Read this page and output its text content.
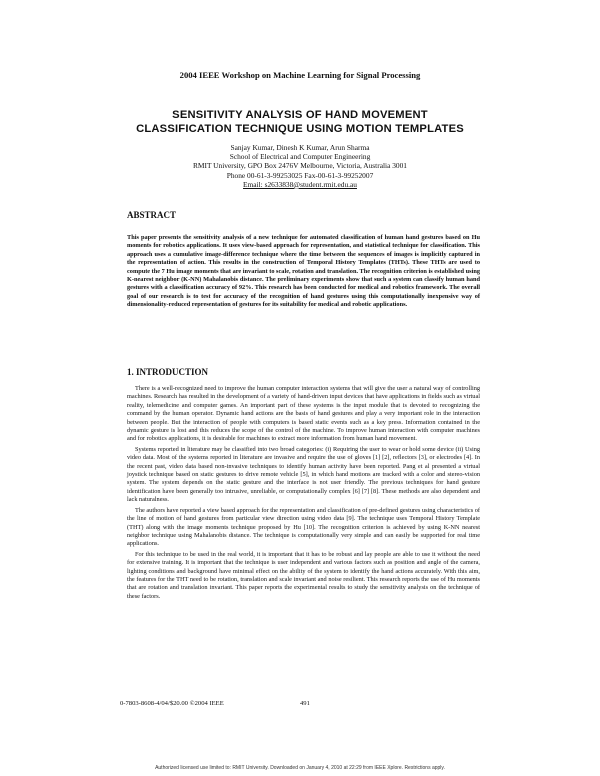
2004 IEEE Workshop on Machine Learning for Signal Processing
SENSITIVITY ANALYSIS OF HAND MOVEMENT
CLASSIFICATION TECHNIQUE USING MOTION TEMPLATES
Sanjay Kumar, Dinesh K Kumar, Arun Sharma
School of Electrical and Computer Engineering
RMIT University, GPO Box 2476V Melbourne, Victoria, Australia 3001
Phone 00-61-3-99253025 Fax-00-61-3-99252007
Email: s2633838@student.rmit.edu.au
ABSTRACT
This paper presents the sensitivity analysis of a new technique for automated classification of human hand gestures based on Hu moments for robotics applications. It uses view-based approach for representation, and statistical technique for classification. This approach uses a cumulative image-difference technique where the time between the sequences of images is implicitly captured in the representation of action. This results in the construction of Temporal History Templates (THTs). These THTs are used to compute the 7 Hu image moments that are invariant to scale, rotation and translation. The recognition criterion is established using K-nearest neighbor (K-NN) Mahalanobis distance. The preliminary experiments show that such a system can classify human hand gestures with a classification accuracy of 92%. This research has been conducted for medical and robotics framework. The overall goal of our research is to test for accuracy of the recognition of hand gestures using this computationally inexpensive way of dimensionality-reduced representation of gestures for its suitability for medical and robotic applications.
1. INTRODUCTION

There is a well-recognized need to improve the human computer interaction systems that will give the user a natural way of controlling machines. Research has resulted in the development of a variety of hand-driven input devices that have applications in fields such as virtual reality, telemedicine and computer games. An important part of these systems is the input module that is devoted to recognizing the command by the human operator. Dynamic hand actions are the basis of hand gestures and play a very important role in the interaction between people. But the interaction of people with computers is based static events such as a key press. Information contained in the dynamic gesture is lost and this reduces the scope of the control of the machine. To improve human interaction with computer machines and for robotics applications, it is desirable for machines to extract more information from human hand movement.

Systems reported in literature may be classified into two broad categories: (i) Requiring the user to wear or hold some device (ii) Using video data. Most of the systems reported in literature are invasive and require the use of gloves [1] [2], reflectors [3], or electrodes [4]. In the recent past, video data based non-invasive techniques to identify human activity have been reported. Pang et al presented a virtual joystick technique based on static gestures to drive remote vehicle [5], in which hand motions are tracked with a color and stereo-vision system. The system depends on the static gesture and the interface is not user friendly. The previous techniques for hand gesture identification have been generally too intrusive, unreliable, or computationally complex [6] [7] [8]. These methods are also dependent and lack naturalness.

The authors have reported a view based approach for the representation and classification of pre-defined gestures using characteristics of the line of motion of hand gestures from particular view direction using video data [9]. The technique uses Temporal History Template (THT) along with the image moments technique proposed by Hu [10]. The recognition criterion is achieved by using K-NN nearest neighbor technique using Mahalanobis distance. The technique is computationally very simple and can easily be supported for real time applications.

For this technique to be used in the real world, it is important that it has to be robust and lay people are able to use it without the need for extensive training. It is important that the technique is user independent and various factors such as position and angle of the camera, lighting conditions and background have minimal effect on the ability of the system to identify the hand actions accurately. With this aim, the features for the THT need to be rotation, translation and scale invariant and noise resilient. This research reports the use of Hu moments that are rotation and translation invariant. This paper reports the experimental results to study the sensitivity analysis on the technique of these factors.

0-7803-8608-4/04/$20.00 ©2004 IEEE	491
Authorized licensed use limited to: RMIT University. Downloaded on January 4, 2010 at 22:29 from IEEE Xplore. Restrictions apply.
